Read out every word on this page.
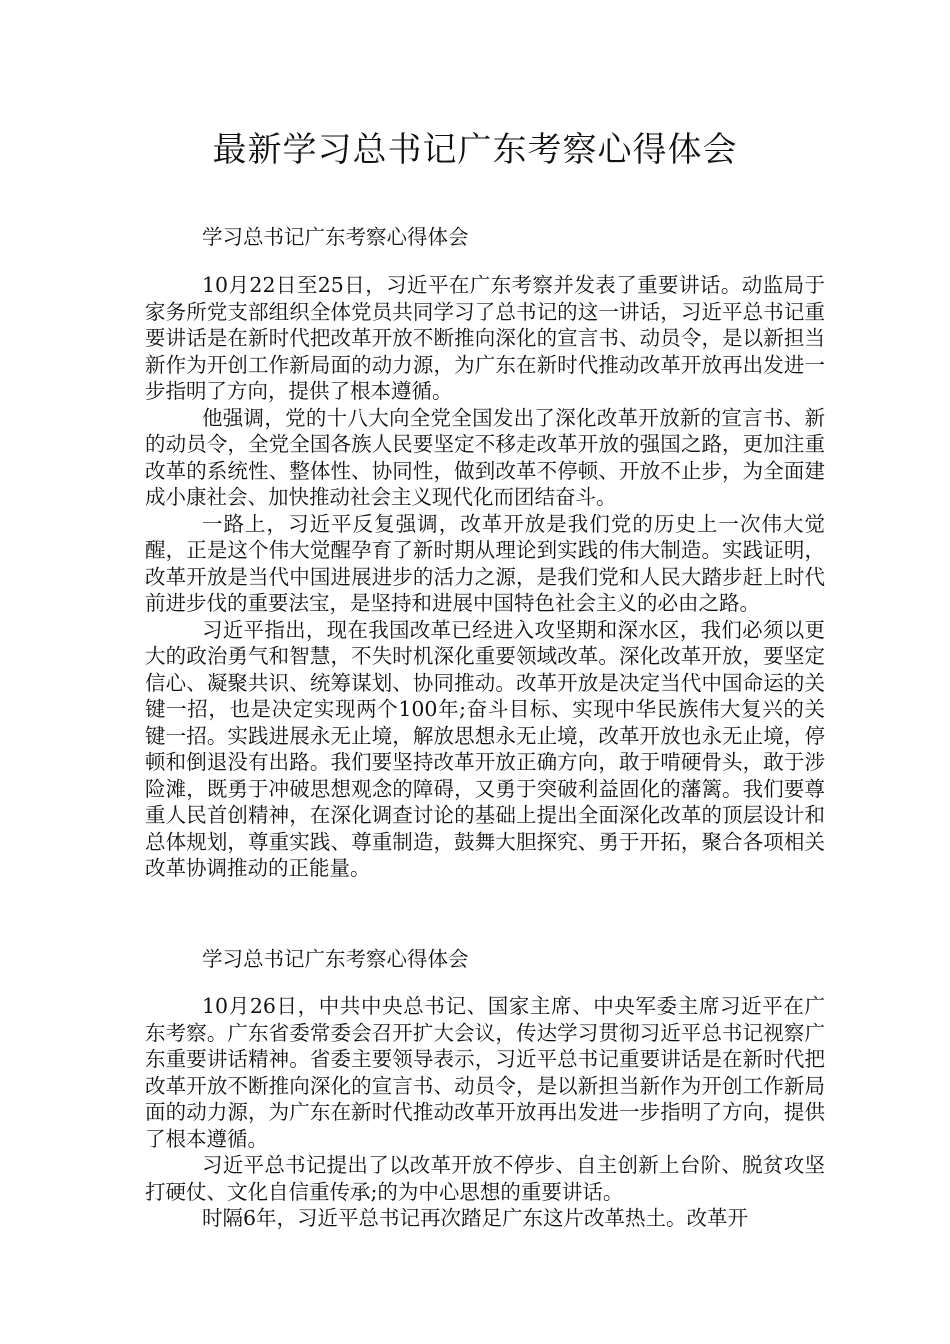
最新学习总书记广东考察心得体会
学习总书记广东考察心得体会

10月22日至25日，习近平在广东考察并发表了重要讲话。动监局于家务所党支部组织全体党员共同学习了总书记的这一讲话，习近平总书记重要讲话是在新时代把改革开放不断推向深化的宣言书、动员令，是以新担当新作为开创工作新局面的动力源，为广东在新时代推动改革开放再出发进一步指明了方向，提供了根本遵循。

他强调，党的十八大向全党全国发出了深化改革开放新的宣言书、新的动员令，全党全国各族人民要坚定不移走改革开放的强国之路，更加注重改革的系统性、整体性、协同性，做到改革不停顿、开放不止步，为全面建成小康社会、加快推动社会主义现代化而团结奋斗。

一路上，习近平反复强调，改革开放是我们党的历史上一次伟大觉醒，正是这个伟大觉醒孕育了新时期从理论到实践的伟大制造。实践证明，改革开放是当代中国进展进步的活力之源，是我们党和人民大踏步赶上时代前进步伐的重要法宝，是坚持和进展中国特色社会主义的必由之路。

习近平指出，现在我国改革已经进入攻坚期和深水区，我们必须以更大的政治勇气和智慧，不失时机深化重要领域改革。深化改革开放，要坚定信心、凝聚共识、统筹谋划、协同推动。改革开放是决定当代中国命运的关键一招，也是决定实现两个100年;奋斗目标、实现中华民族伟大复兴的关键一招。实践进展永无止境，解放思想永无止境，改革开放也永无止境，停顿和倒退没有出路。我们要坚持改革开放正确方向，敢于啃硬骨头，敢于涉险滩，既勇于冲破思想观念的障碍，又勇于突破利益固化的藩篱。我们要尊重人民首创精神，在深化调查讨论的基础上提出全面深化改革的顶层设计和总体规划，尊重实践、尊重制造，鼓舞大胆探究、勇于开拓，聚合各项相关改革协调推动的正能量。

学习总书记广东考察心得体会

10月26日，中共中央总书记、国家主席、中央军委主席习近平在广东考察。广东省委常委会召开扩大会议，传达学习贯彻习近平总书记视察广东重要讲话精神。省委主要领导表示，习近平总书记重要讲话是在新时代把改革开放不断推向深化的宣言书、动员令，是以新担当新作为开创工作新局面的动力源，为广东在新时代推动改革开放再出发进一步指明了方向，提供了根本遵循。

习近平总书记提出了以改革开放不停步、自主创新上台阶、脱贫攻坚打硬仗、文化自信重传承;的为中心思想的重要讲话。

时隔6年，习近平总书记再次踏足广东这片改革热土。改革开
